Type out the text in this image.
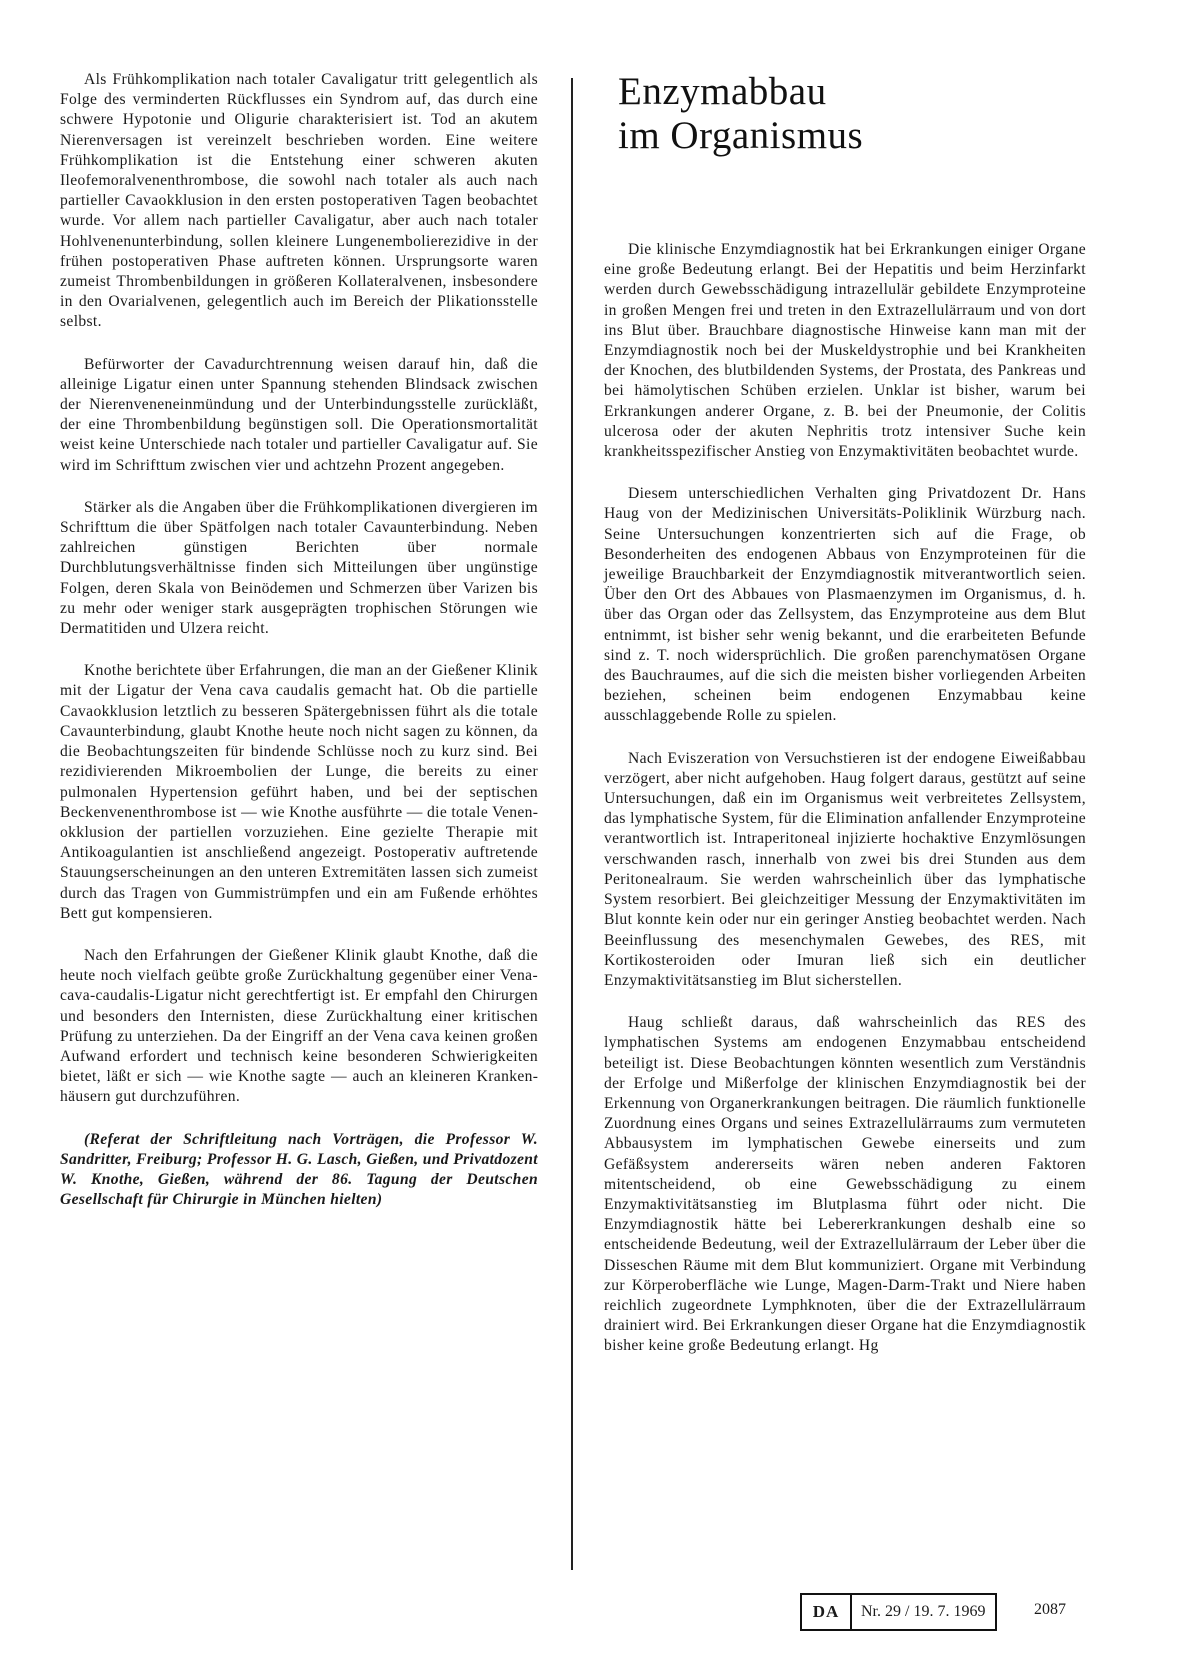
Als Frühkomplikation nach totaler Cavaligatur tritt gelegentlich als Folge des verminderten Rückflusses ein Syndrom auf, das durch eine schwere Hypotonie und Oligurie charakterisiert ist. Tod an akutem Nierenversagen ist vereinzelt beschrieben worden. Eine weitere Frühkomplikation ist die Entstehung einer schweren akuten Ileofemoralvenenthrombose, die sowohl nach totaler als auch nach partieller Cavaokklusion in den ersten postoperativen Tagen beobachtet wurde. Vor allem nach partieller Cavaligatur, aber auch nach totaler Hohlvenenunterbindung, sollen kleinere Lungenembolierezidive in der frühen postoperativen Phase auftreten können. Ursprungsorte waren zumeist Thrombenbildungen in größeren Kollateralvenen, insbesondere in den Ovarialvenen, gelegentlich auch im Bereich der Plikationsstelle selbst.

Befürworter der Cavadurchtrennung weisen darauf hin, daß die alleinige Ligatur einen unter Spannung stehenden Blindsack zwischen der Nierenveneneinmündung und der Unterbindungsstelle zurückläßt, der eine Thrombenbildung begünstigen soll. Die Operationsmortalität weist keine Unterschiede nach totaler und partieller Cavaligatur auf. Sie wird im Schrifttum zwischen vier und achtzehn Prozent angegeben.

Stärker als die Angaben über die Frühkomplikationen divergieren im Schrifttum die über Spätfolgen nach totaler Cavaunterbindung. Neben zahlreichen günstigen Berichten über normale Durchblutungsverhältnisse finden sich Mitteilungen über ungünstige Folgen, deren Skala von Beinödemen und Schmerzen über Varizen bis zu mehr oder weniger stark ausgeprägten trophischen Störungen wie Dermatitiden und Ulzera reicht.

Knothe berichtete über Erfahrungen, die man an der Gießener Klinik mit der Ligatur der Vena cava caudalis gemacht hat. Ob die partielle Cavaokklusion letztlich zu besseren Spätergebnissen führt als die totale Cavaunterbindung, glaubt Knothe heute noch nicht sagen zu können, da die Beobachtungszeiten für bindende Schlüsse noch zu kurz sind. Bei rezidivierenden Mikroembolien der Lunge, die bereits zu einer pulmonalen Hypertension geführt haben, und bei der septischen Beckenvenenthrombose ist — wie Knothe ausführte — die totale Venenokklusion der partiellen vorzuziehen. Eine gezielte Therapie mit Antikoagulantien ist anschließend angezeigt. Postoperativ auftretende Stauungserscheinungen an den unteren Extremitäten lassen sich zumeist durch das Tragen von Gummistrümpfen und ein am Fußende erhöhtes Bett gut kompensieren.

Nach den Erfahrungen der Gießener Klinik glaubt Knothe, daß die heute noch vielfach geübte große Zurückhaltung gegenüber einer Vena-cava-caudalis-Ligatur nicht gerechtfertigt ist. Er empfahl den Chirurgen und besonders den Internisten, diese Zurückhaltung einer kritischen Prüfung zu unterziehen. Da der Eingriff an der Vena cava keinen großen Aufwand erfordert und technisch keine besonderen Schwierigkeiten bietet, läßt er sich — wie Knothe sagte — auch an kleineren Krankenhäusern gut durchzuführen.

(Referat der Schriftleitung nach Vorträgen, die Professor W. Sandritter, Freiburg; Professor H. G. Lasch, Gießen, und Privatdozent W. Knothe, Gießen, während der 86. Tagung der Deutschen Gesellschaft für Chirurgie in München hielten)

Enzymabbau
im Organismus

Die klinische Enzymdiagnostik hat bei Erkrankungen einiger Organe eine große Bedeutung erlangt. Bei der Hepatitis und beim Herzinfarkt werden durch Gewebsschädigung intrazellulär gebildete Enzymproteine in großen Mengen frei und treten in den Extrazellulärraum und von dort ins Blut über. Brauchbare diagnostische Hinweise kann man mit der Enzymdiagnostik noch bei der Muskeldystrophie und bei Krankheiten der Knochen, des blutbildenden Systems, der Prostata, des Pankreas und bei hämolytischen Schüben erzielen. Unklar ist bisher, warum bei Erkrankungen anderer Organe, z. B. bei der Pneumonie, der Colitis ulcerosa oder der akuten Nephritis trotz intensiver Suche kein krankheitsspezifischer Anstieg von Enzymaktivitäten beobachtet wurde.

Diesem unterschiedlichen Verhalten ging Privatdozent Dr. Hans Haug von der Medizinischen Universitäts-Poliklinik Würzburg nach. Seine Untersuchungen konzentrierten sich auf die Frage, ob Besonderheiten des endogenen Abbaus von Enzymproteinen für die jeweilige Brauchbarkeit der Enzymdiagnostik mitverantwortlich seien. Über den Ort des Abbaues von Plasmaenzymen im Organismus, d. h. über das Organ oder das Zellsystem, das Enzymproteine aus dem Blut entnimmt, ist bisher sehr wenig bekannt, und die erarbeiteten Befunde sind z. T. noch widersprüchlich. Die großen parenchymatösen Organe des Bauchraumes, auf die sich die meisten bisher vorliegenden Arbeiten beziehen, scheinen beim endogenen Enzymabbau keine ausschlaggebende Rolle zu spielen.

Nach Eviszeration von Versuchstieren ist der endogene Eiweißabbau verzögert, aber nicht aufgehoben. Haug folgert daraus, gestützt auf seine Untersuchungen, daß ein im Organismus weit verbreitetes Zellsystem, das lymphatische System, für die Elimination anfallender Enzymproteine verantwortlich ist. Intraperitoneal injizierte hochaktive Enzymlösungen verschwanden rasch, innerhalb von zwei bis drei Stunden aus dem Peritonealraum. Sie werden wahrscheinlich über das lymphatische System resorbiert. Bei gleichzeitiger Messung der Enzymaktivitäten im Blut konnte kein oder nur ein geringer Anstieg beobachtet werden. Nach Beeinflussung des mesenchymalen Gewebes, des RES, mit Kortikosteroiden oder Imuran ließ sich ein deutlicher Enzymaktivitätsanstieg im Blut sicherstellen.

Haug schließt daraus, daß wahrscheinlich das RES des lymphatischen Systems am endogenen Enzymabbau entscheidend beteiligt ist. Diese Beobachtungen könnten wesentlich zum Verständnis der Erfolge und Mißerfolge der klinischen Enzymdiagnostik bei der Erkennung von Organerkrankungen beitragen. Die räumlich funktionelle Zuordnung eines Organs und seines Extrazellulärraums zum vermuteten Abbausystem im lymphatischen Gewebe einerseits und zum Gefäßsystem andererseits wären neben anderen Faktoren mitentscheidend, ob eine Gewebsschädigung zu einem Enzymaktivitätsanstieg im Blutplasma führt oder nicht. Die Enzymdiagnostik hätte bei Lebererkrankungen deshalb eine so entscheidende Bedeutung, weil der Extrazellulärraum der Leber über die Disseschen Räume mit dem Blut kommuniziert. Organe mit Verbindung zur Körperoberfläche wie Lunge, Magen-Darm-Trakt und Niere haben reichlich zugeordnete Lymphknoten, über die der Extrazellulärraum drainiert wird. Bei Erkrankungen dieser Organe hat die Enzymdiagnostik bisher keine große Bedeutung erlangt. Hg

DA	Nr. 29 / 19. 7. 1969	2087
